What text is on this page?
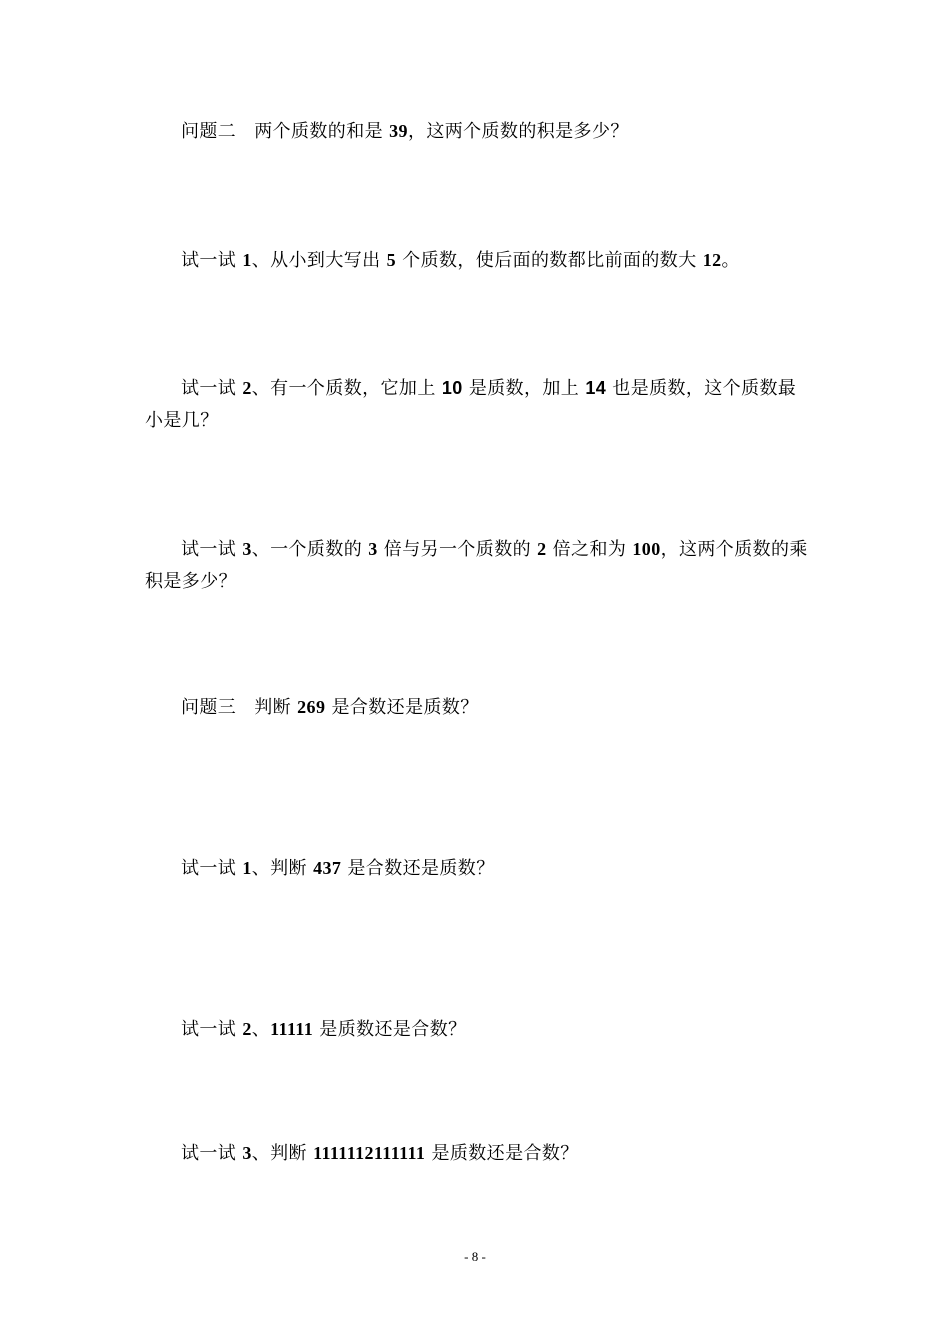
问题二 两个质数的和是 39，这两个质数的积是多少？

试一试 1、从小到大写出 5 个质数，使后面的数都比前面的数大 12。

试一试 2、有一个质数，它加上 10 是质数，加上 14 也是质数，这个质数最小是几？

试一试 3、一个质数的 3 倍与另一个质数的 2 倍之和为 100，这两个质数的乘积是多少？

问题三 判断 269 是合数还是质数？

试一试 1、判断 437 是合数还是质数？

试一试 2、11111 是质数还是合数？

试一试 3、判断 1111112111111 是质数还是合数？

- 8 -
